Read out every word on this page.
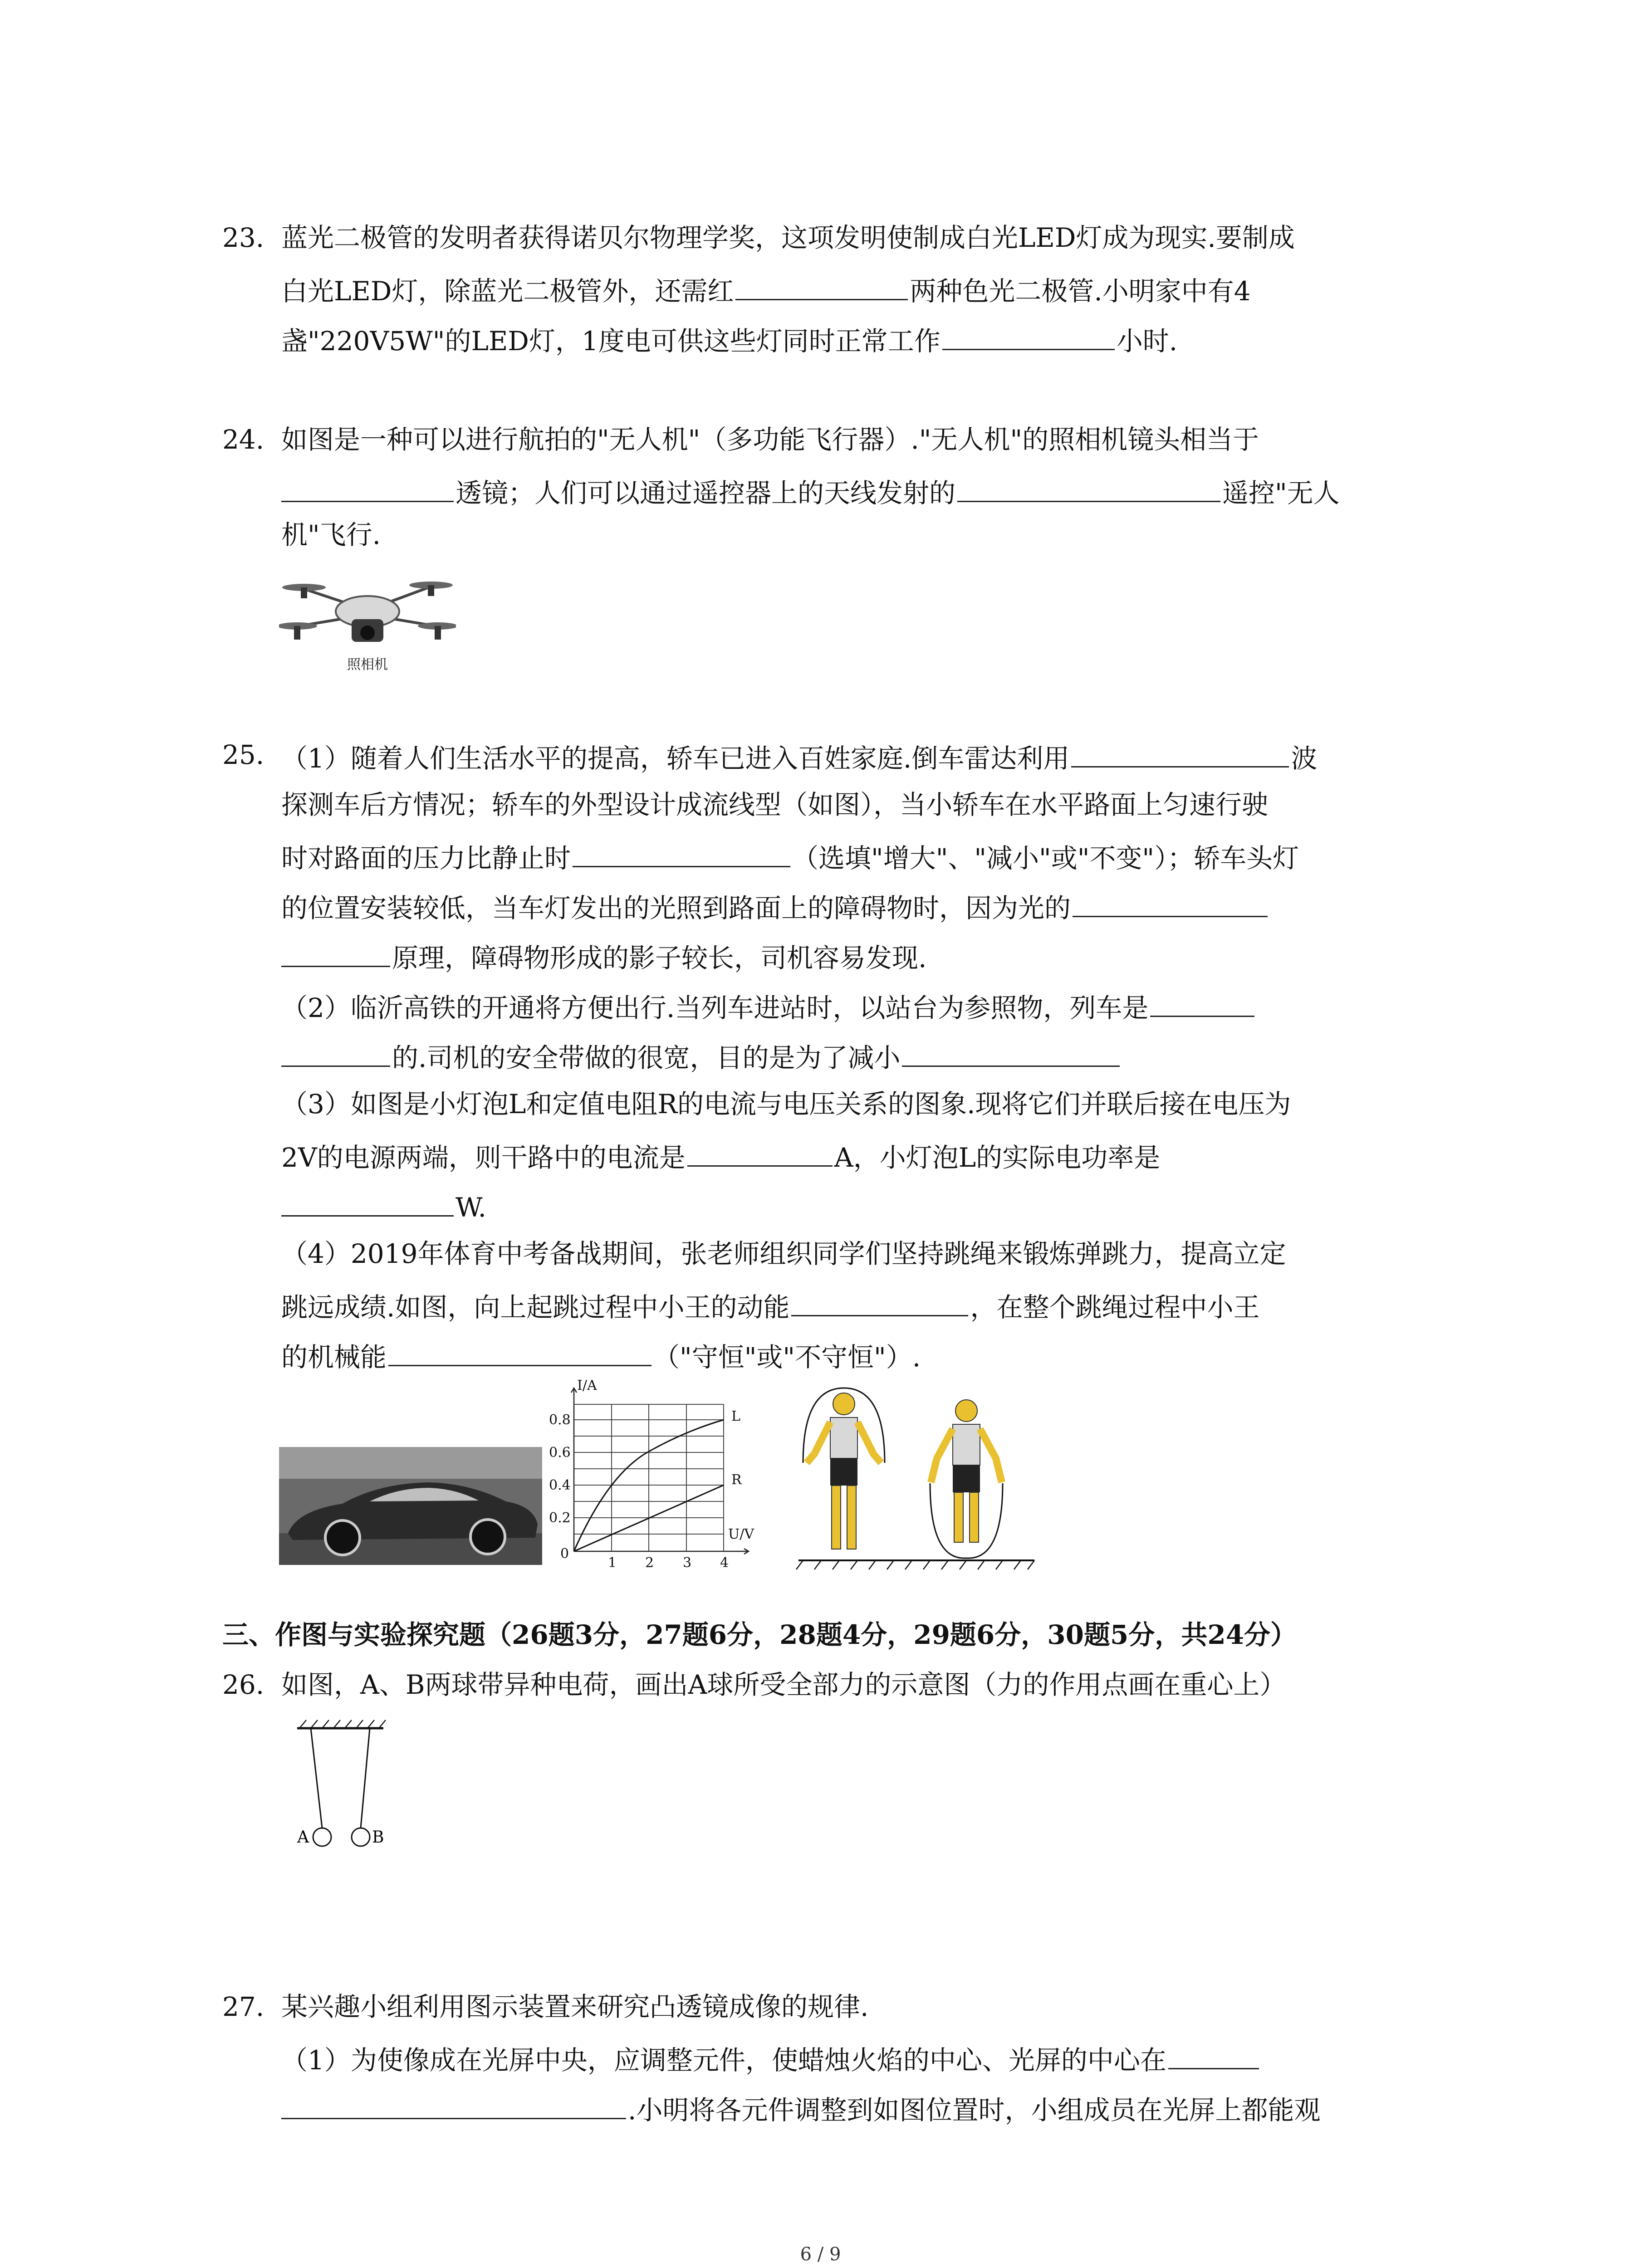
23. 蓝光二极管的发明者获得诺贝尔物理学奖，这项发明使制成白光LED灯成为现实.要制成
白光LED灯，除蓝光二极管外，还需红	两种色光二极管.小明家中有4
盏"220V5W"的LED灯，1度电可供这些灯同时正常工作	小时.
24. 如图是一种可以进行航拍的"无人机"（多功能飞行器）."无人机"的照相机镜头相当于
透镜；人们可以通过遥控器上的天线发射的	遥控"无人
机"飞行.
照相机
25. （1）随着人们生活水平的提高，轿车已进入百姓家庭.倒车雷达利用	波
探测车后方情况；轿车的外型设计成流线型（如图），当小轿车在水平路面上匀速行驶
时对路面的压力比静止时	（选填"增大"、"减小"或"不变"）；轿车头灯
的位置安装较低，当车灯发出的光照到路面上的障碍物时，因为光的
原理，障碍物形成的影子较长，司机容易发现.
（2）临沂高铁的开通将方便出行.当列车进站时，以站台为参照物，列车是
的.司机的安全带做的很宽，目的是为了减小
（3）如图是小灯泡L和定值电阻R的电流与电压关系的图象.现将它们并联后接在电压为
2V的电源两端，则干路中的电流是	A，小灯泡L的实际电功率是
W.
（4）2019年体育中考备战期间，张老师组织同学们坚持跳绳来锻炼弹跳力，提高立定
跳远成绩.如图，向上起跳过程中小王的动能	，在整个跳绳过程中小王
的机械能	（"守恒"或"不守恒"）.
I/A
U/V
0.8
0.6
0.4
0.2
0
1 2 3 4
L
R
三、作图与实验探究题（26题3分，27题6分，28题4分，29题6分，30题5分，共24分）
26. 如图，A、B两球带异种电荷，画出A球所受全部力的示意图（力的作用点画在重心上）
A	B
27. 某兴趣小组利用图示装置来研究凸透镜成像的规律.
（1）为使像成在光屏中央，应调整元件，使蜡烛火焰的中心、光屏的中心在
.小明将各元件调整到如图位置时，小组成员在光屏上都能观
6 / 9
